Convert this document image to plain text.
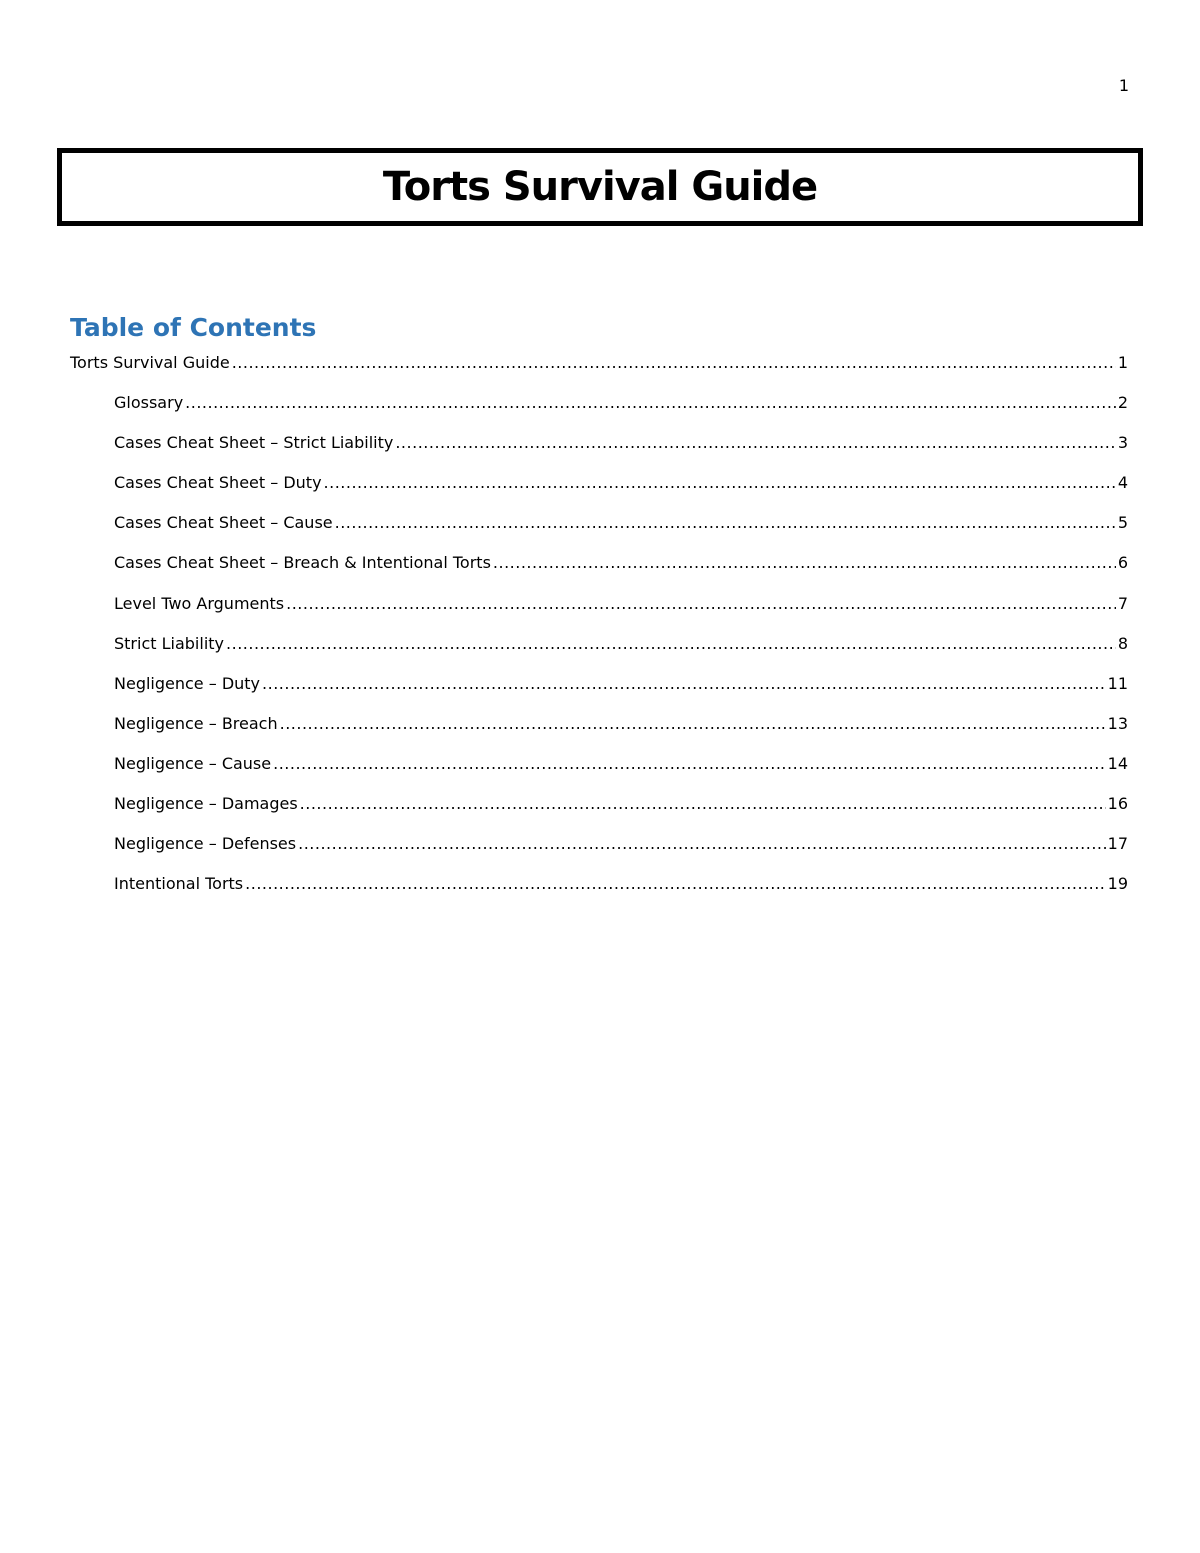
1
Torts Survival Guide
Table of Contents
Torts Survival Guide .....	1
Glossary .....	2
Cases Cheat Sheet – Strict Liability .....	3
Cases Cheat Sheet – Duty .....	4
Cases Cheat Sheet – Cause .....	5
Cases Cheat Sheet – Breach & Intentional Torts .....	6
Level Two Arguments .....	7
Strict Liability .....	8
Negligence – Duty .....	11
Negligence – Breach .....	13
Negligence – Cause .....	14
Negligence – Damages .....	16
Negligence – Defenses .....	17
Intentional Torts .....	19
